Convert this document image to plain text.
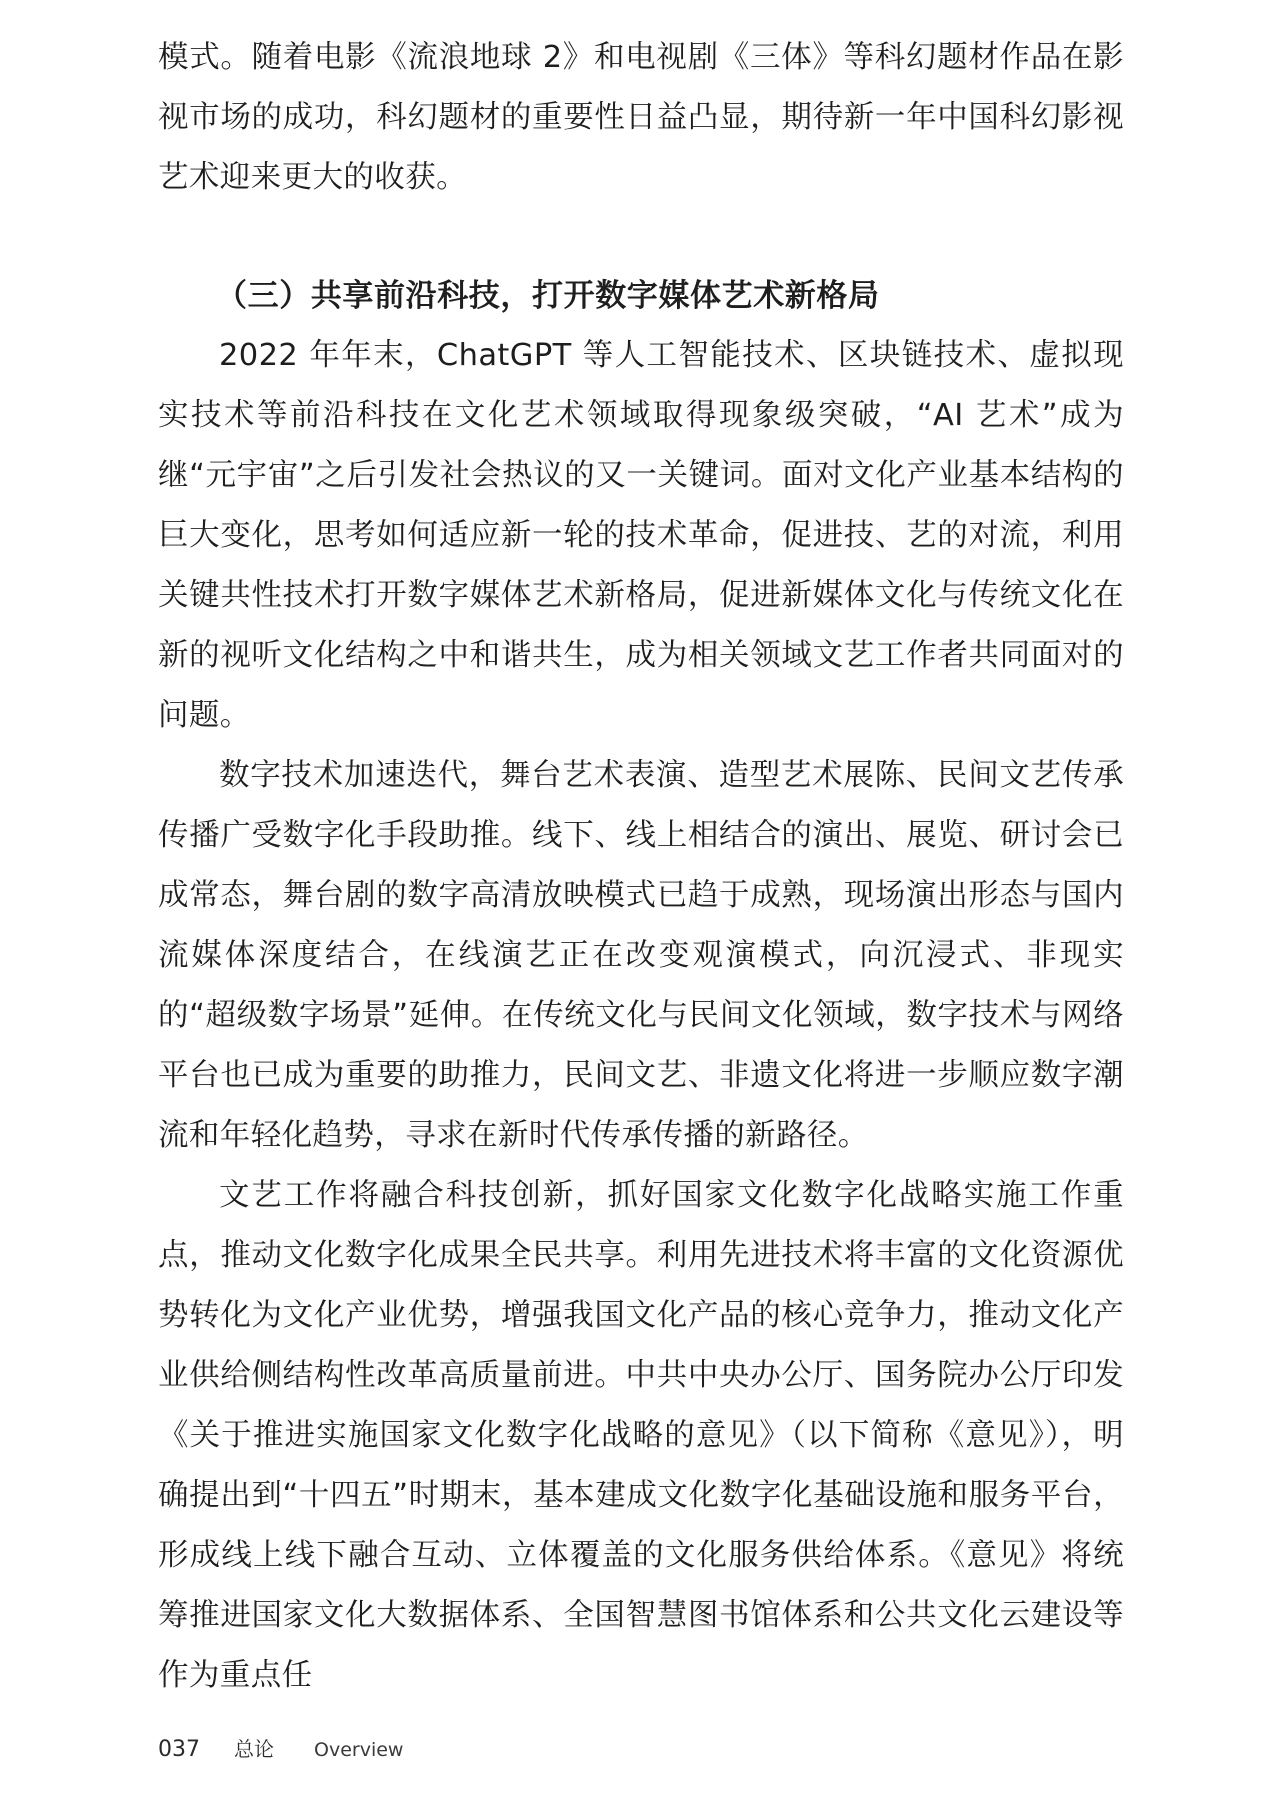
模式。随着电影《流浪地球 2》和电视剧《三体》等科幻题材作品在影视市场的成功，科幻题材的重要性日益凸显，期待新一年中国科幻影视艺术迎来更大的收获。

（三）共享前沿科技，打开数字媒体艺术新格局

2022 年年末，ChatGPT 等人工智能技术、区块链技术、虚拟现实技术等前沿科技在文化艺术领域取得现象级突破，“AI 艺术”成为继“元宇宙”之后引发社会热议的又一关键词。面对文化产业基本结构的巨大变化，思考如何适应新一轮的技术革命，促进技、艺的对流，利用关键共性技术打开数字媒体艺术新格局，促进新媒体文化与传统文化在新的视听文化结构之中和谐共生，成为相关领域文艺工作者共同面对的问题。

数字技术加速迭代，舞台艺术表演、造型艺术展陈、民间文艺传承传播广受数字化手段助推。线下、线上相结合的演出、展览、研讨会已成常态，舞台剧的数字高清放映模式已趋于成熟，现场演出形态与国内流媒体深度结合，在线演艺正在改变观演模式，向沉浸式、非现实的“超级数字场景”延伸。在传统文化与民间文化领域，数字技术与网络平台也已成为重要的助推力，民间文艺、非遗文化将进一步顺应数字潮流和年轻化趋势，寻求在新时代传承传播的新路径。

文艺工作将融合科技创新，抓好国家文化数字化战略实施工作重点，推动文化数字化成果全民共享。利用先进技术将丰富的文化资源优势转化为文化产业优势，增强我国文化产品的核心竞争力，推动文化产业供给侧结构性改革高质量前进。中共中央办公厅、国务院办公厅印发《关于推进实施国家文化数字化战略的意见》（以下简称《意见》），明确提出到“十四五”时期末，基本建成文化数字化基础设施和服务平台，形成线上线下融合互动、立体覆盖的文化服务供给体系。《意见》将统筹推进国家文化大数据体系、全国智慧图书馆体系和公共文化云建设等作为重点任

037 总论 Overview
